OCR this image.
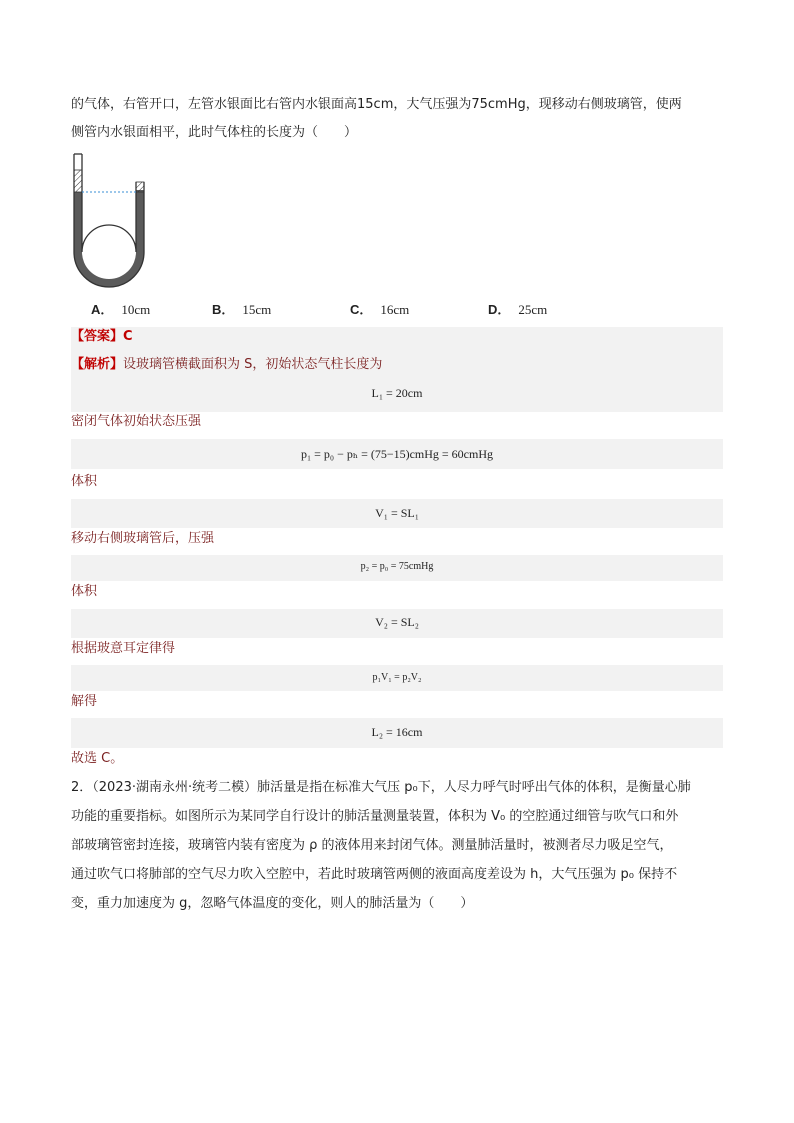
的气体，右管开口，左管水银面比右管内水银面高15cm，大气压强为75cmHg，现移动右侧玻璃管，使两
侧管内水银面相平，此时气体柱的长度为（　　）
A． 10cm	B． 15cm	C． 16cm	D． 25cm
【答案】C
【解析】设玻璃管横截面积为 S，初始状态气柱长度为
L₁ = 20cm
密闭气体初始状态压强
p₁ = p₀ − pₕ = (75−15)cmHg = 60cmHg
体积
V₁ = SL₁
移动右侧玻璃管后，压强
p₂ = p₀ = 75cmHg
体积
V₂ = SL₂
根据玻意耳定律得
p₁V₁ = p₂V₂
解得
L₂ = 16cm
故选 C。
2．（2023·湖南永州·统考二模）肺活量是指在标准大气压 p₀下，人尽力呼气时呼出气体的体积，是衡量心肺
功能的重要指标。如图所示为某同学自行设计的肺活量测量装置，体积为 V₀ 的空腔通过细管与吹气口和外
部玻璃管密封连接，玻璃管内装有密度为 ρ 的液体用来封闭气体。测量肺活量时，被测者尽力吸足空气，
通过吹气口将肺部的空气尽力吹入空腔中，若此时玻璃管两侧的液面高度差设为 h，大气压强为 p₀ 保持不
变，重力加速度为 g，忽略气体温度的变化，则人的肺活量为（　　）
